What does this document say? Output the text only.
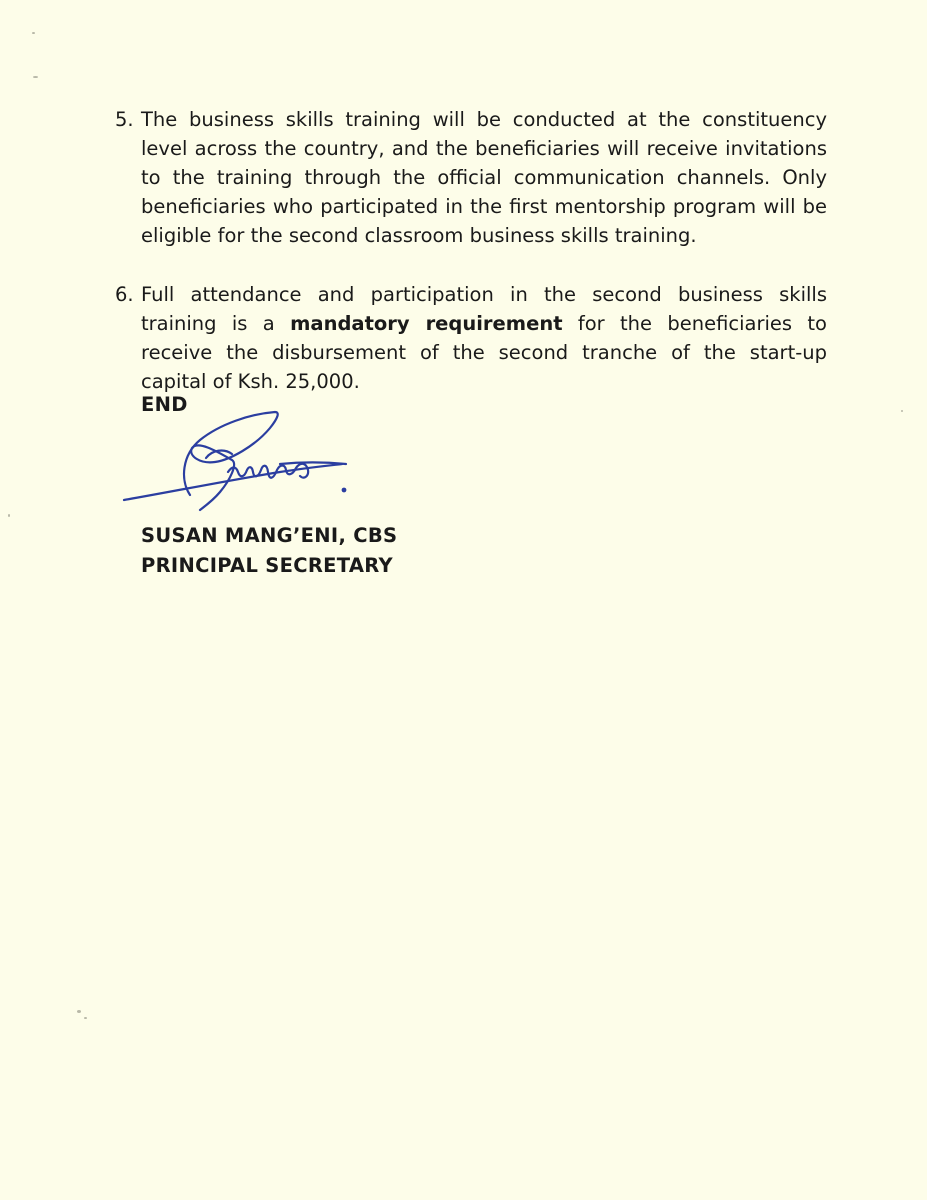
5. The business skills training will be conducted at the constituency level across the country, and the beneficiaries will receive invitations to the training through the official communication channels. Only beneficiaries who participated in the first mentorship program will be eligible for the second classroom business skills training.
6. Full attendance and participation in the second business skills training is a mandatory requirement for the beneficiaries to receive the disbursement of the second tranche of the start-up capital of Ksh. 25,000.
END
SUSAN MANG’ENI, CBS
PRINCIPAL SECRETARY
